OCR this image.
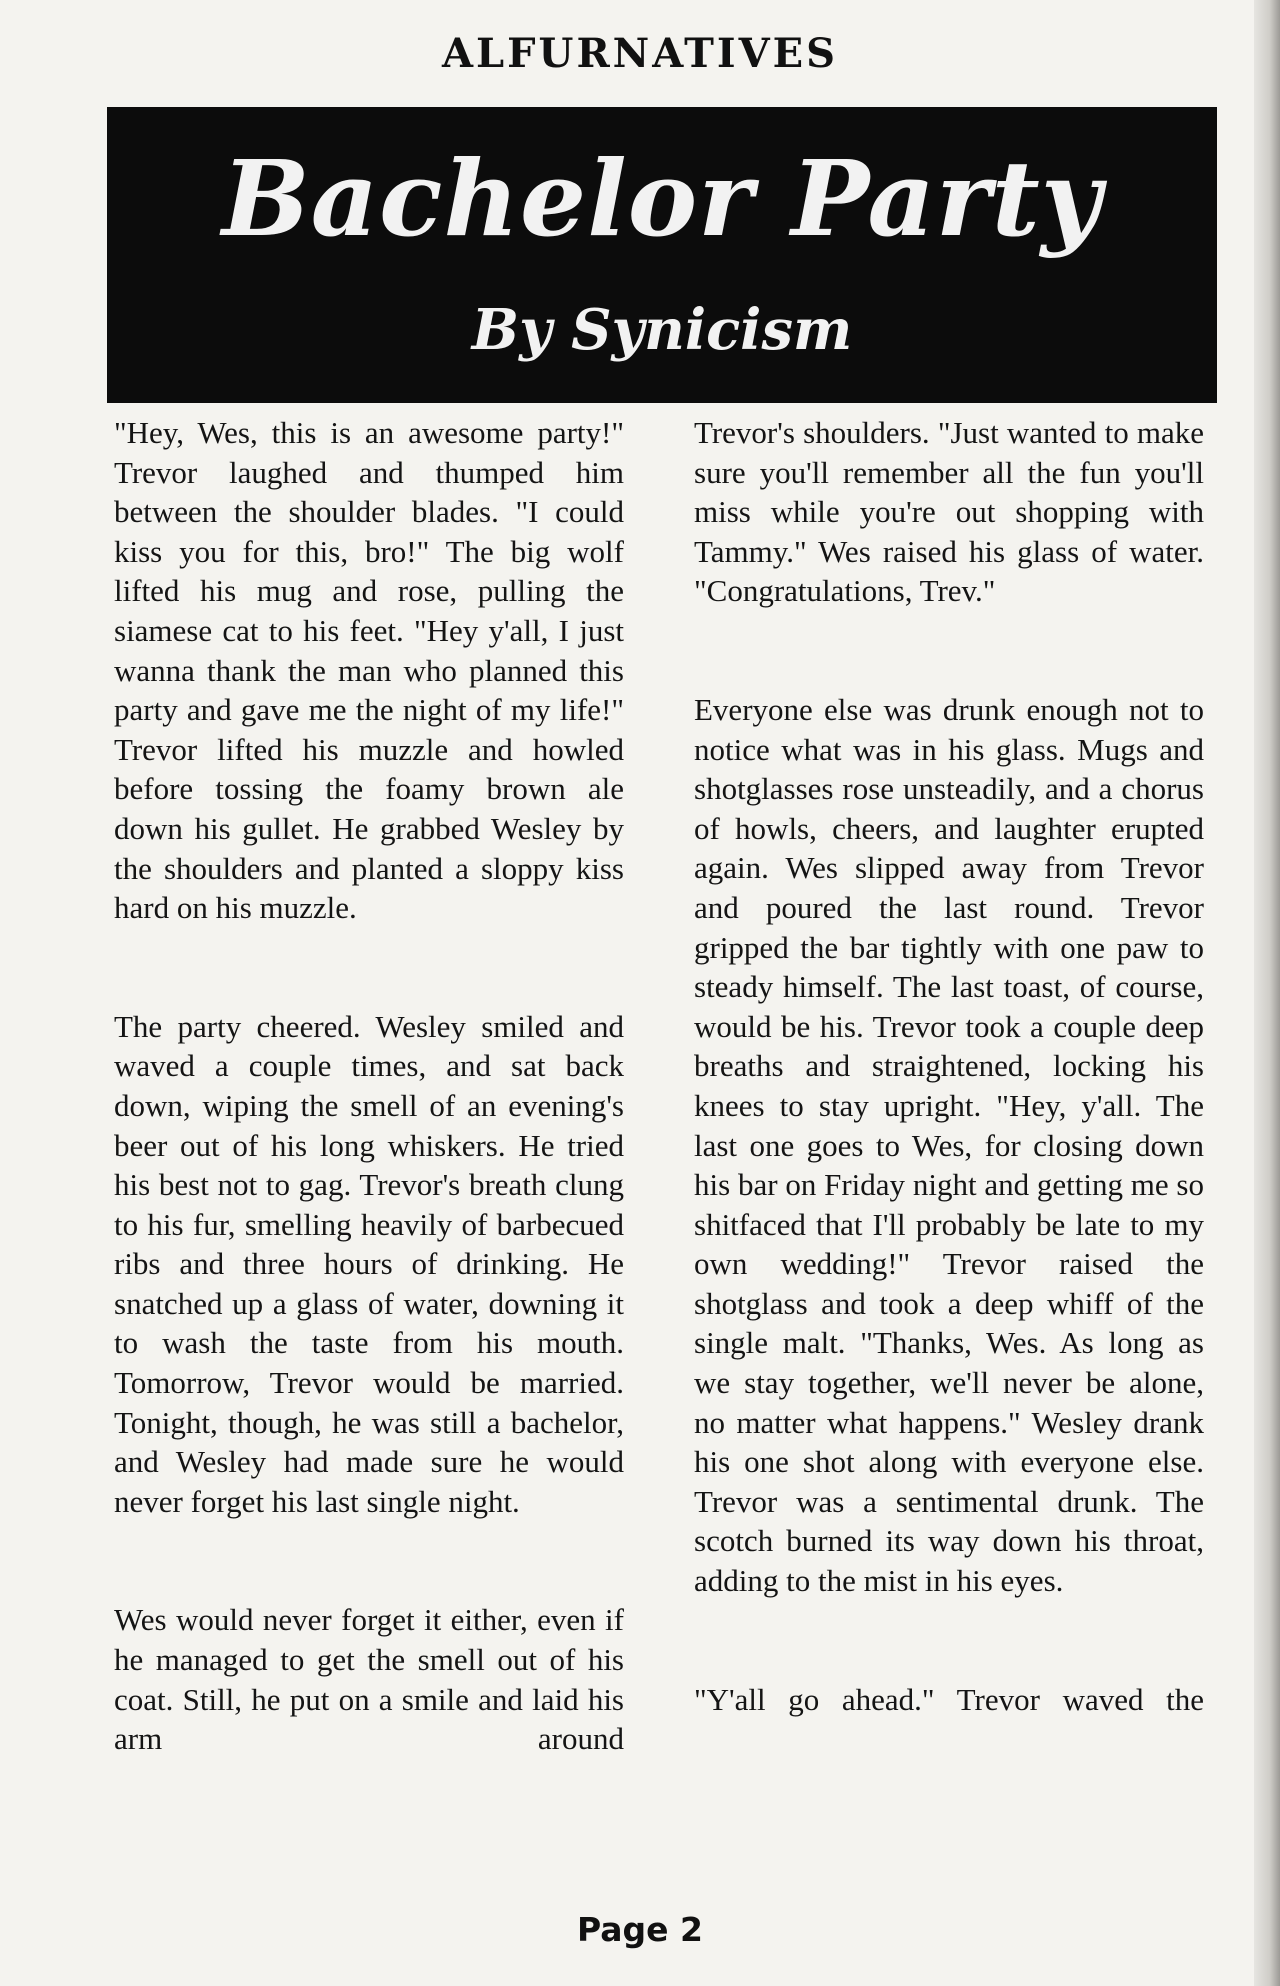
ALFURNATIVES
Bachelor Party
By Synicism

"Hey, Wes, this is an awesome party!" Trevor laughed and thumped him between the shoulder blades. "I could kiss you for this, bro!" The big wolf lifted his mug and rose, pulling the siamese cat to his feet. "Hey y'all, I just wanna thank the man who planned this party and gave me the night of my life!" Trevor lifted his muzzle and howled before tossing the foamy brown ale down his gullet. He grabbed Wesley by the shoulders and planted a sloppy kiss hard on his muzzle.

The party cheered. Wesley smiled and waved a couple times, and sat back down, wiping the smell of an evening's beer out of his long whiskers. He tried his best not to gag. Trevor's breath clung to his fur, smelling heavily of barbecued ribs and three hours of drinking. He snatched up a glass of water, downing it to wash the taste from his mouth. Tomorrow, Trevor would be married. Tonight, though, he was still a bachelor, and Wesley had made sure he would never forget his last single night.

Wes would never forget it either, even if he managed to get the smell out of his coat. Still, he put on a smile and laid his arm around

Trevor's shoulders. "Just wanted to make sure you'll remember all the fun you'll miss while you're out shopping with Tammy." Wes raised his glass of water. "Congratulations, Trev."

Everyone else was drunk enough not to notice what was in his glass. Mugs and shotglasses rose unsteadily, and a chorus of howls, cheers, and laughter erupted again. Wes slipped away from Trevor and poured the last round. Trevor gripped the bar tightly with one paw to steady himself. The last toast, of course, would be his. Trevor took a couple deep breaths and straightened, locking his knees to stay upright. "Hey, y'all. The last one goes to Wes, for closing down his bar on Friday night and getting me so shitfaced that I'll probably be late to my own wedding!" Trevor raised the shotglass and took a deep whiff of the single malt. "Thanks, Wes. As long as we stay together, we'll never be alone, no matter what happens." Wesley drank his one shot along with everyone else. Trevor was a sentimental drunk. The scotch burned its way down his throat, adding to the mist in his eyes.

"Y'all go ahead." Trevor waved the

Page 2
